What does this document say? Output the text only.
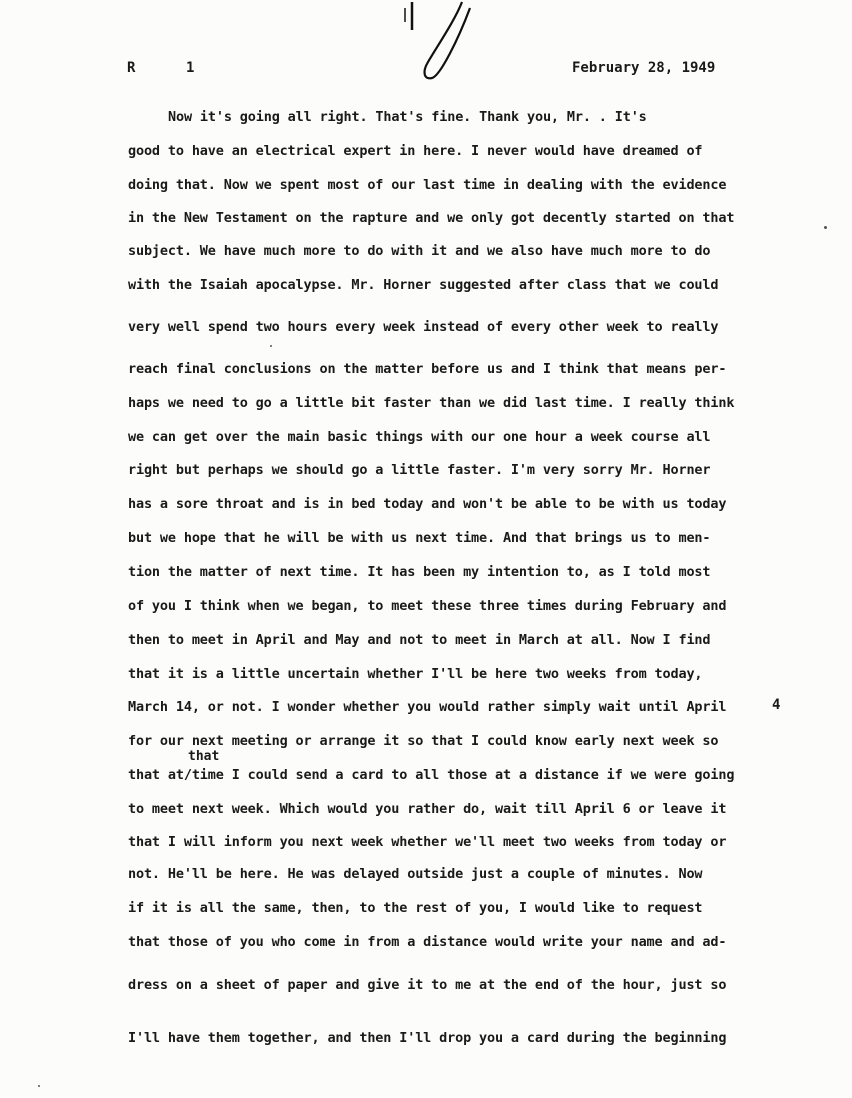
R	1	February 28, 1949
Now it's going all right. That's fine. Thank you, Mr. . It's
good to have an electrical expert in here. I never would have dreamed of
doing that. Now we spent most of our last time in dealing with the evidence
in the New Testament on the rapture and we only got decently started on that
subject. We have much more to do with it and we also have much more to do
with the Isaiah apocalypse. Mr. Horner suggested after class that we could
very well spend two hours every week instead of every other week to really
reach final conclusions on the matter before us and I think that means per-
haps we need to go a little bit faster than we did last time. I really think
we can get over the main basic things with our one hour a week course all
right but perhaps we should go a little faster. I'm very sorry Mr. Horner
has a sore throat and is in bed today and won't be able to be with us today
but we hope that he will be with us next time. And that brings us to men-
tion the matter of next time. It has been my intention to, as I told most
of you I think when we began, to meet these three times during February and
then to meet in April and May and not to meet in March at all. Now I find
that it is a little uncertain whether I'll be here two weeks from today,
March 14, or not. I wonder whether you would rather simply wait until April
for our next meeting or arrange it so that I could know early next week so
that
that at/time I could send a card to all those at a distance if we were going
to meet next week. Which would you rather do, wait till April 6 or leave it
that I will inform you next week whether we'll meet two weeks from today or
not. He'll be here. He was delayed outside just a couple of minutes. Now
if it is all the same, then, to the rest of you, I would like to request
that those of you who come in from a distance would write your name and ad-
dress on a sheet of paper and give it to me at the end of the hour, just so
I'll have them together, and then I'll drop you a card during the beginning
4
